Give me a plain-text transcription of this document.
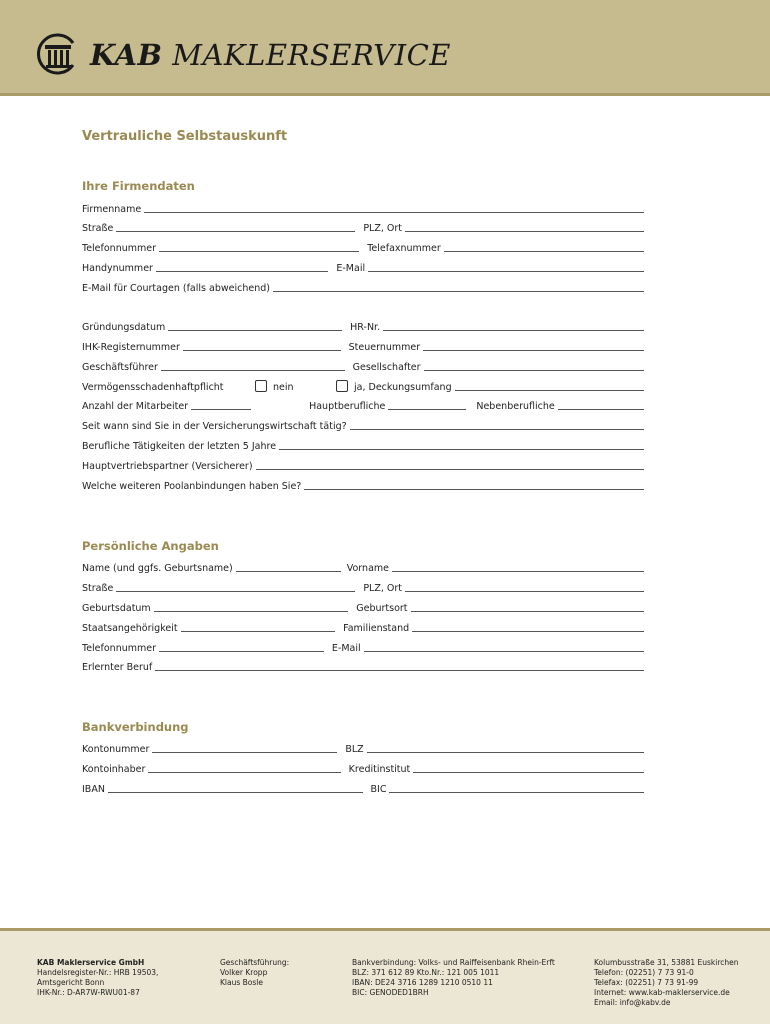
KAB MAKLERSERVICE
Vertrauliche Selbstauskunft
Ihre Firmendaten
Firmenname
Straße	PLZ, Ort
Telefonnummer	Telefaxnummer
Handynummer	E-Mail
E-Mail für Courtagen (falls abweichend)
Gründungsdatum	HR-Nr.
IHK-Registernummer	Steuernummer
Geschäftsführer	Gesellschafter
Vermögensschadenhaftpflicht	nein	ja, Deckungsumfang
Anzahl der Mitarbeiter	Hauptberufliche	Nebenberufliche
Seit wann sind Sie in der Versicherungswirtschaft tätig?
Berufliche Tätigkeiten der letzten 5 Jahre
Hauptvertriebspartner (Versicherer)
Welche weiteren Poolanbindungen haben Sie?
Persönliche Angaben
Name (und ggfs. Geburtsname)	Vorname
Straße	PLZ, Ort
Geburtsdatum	Geburtsort
Staatsangehörigkeit	Familienstand
Telefonnummer	E-Mail
Erlernter Beruf
Bankverbindung
Kontonummer	BLZ
Kontoinhaber	Kreditinstitut
IBAN	BIC
KAB Maklerservice GmbH
Handelsregister-Nr.: HRB 19503,
Amtsgericht Bonn
IHK-Nr.: D-AR7W-RWU01-87
Geschäftsführung:
Volker Kropp
Klaus Bosle
Bankverbindung: Volks- und Raiffeisenbank Rhein-Erft
BLZ: 371 612 89 Kto.Nr.: 121 005 1011
IBAN: DE24 3716 1289 1210 0510 11
BIC: GENODED1BRH
Kolumbusstraße 31, 53881 Euskirchen
Telefon: (02251) 7 73 91-0
Telefax: (02251) 7 73 91-99
Internet: www.kab-maklerservice.de
Email: info@kabv.de
